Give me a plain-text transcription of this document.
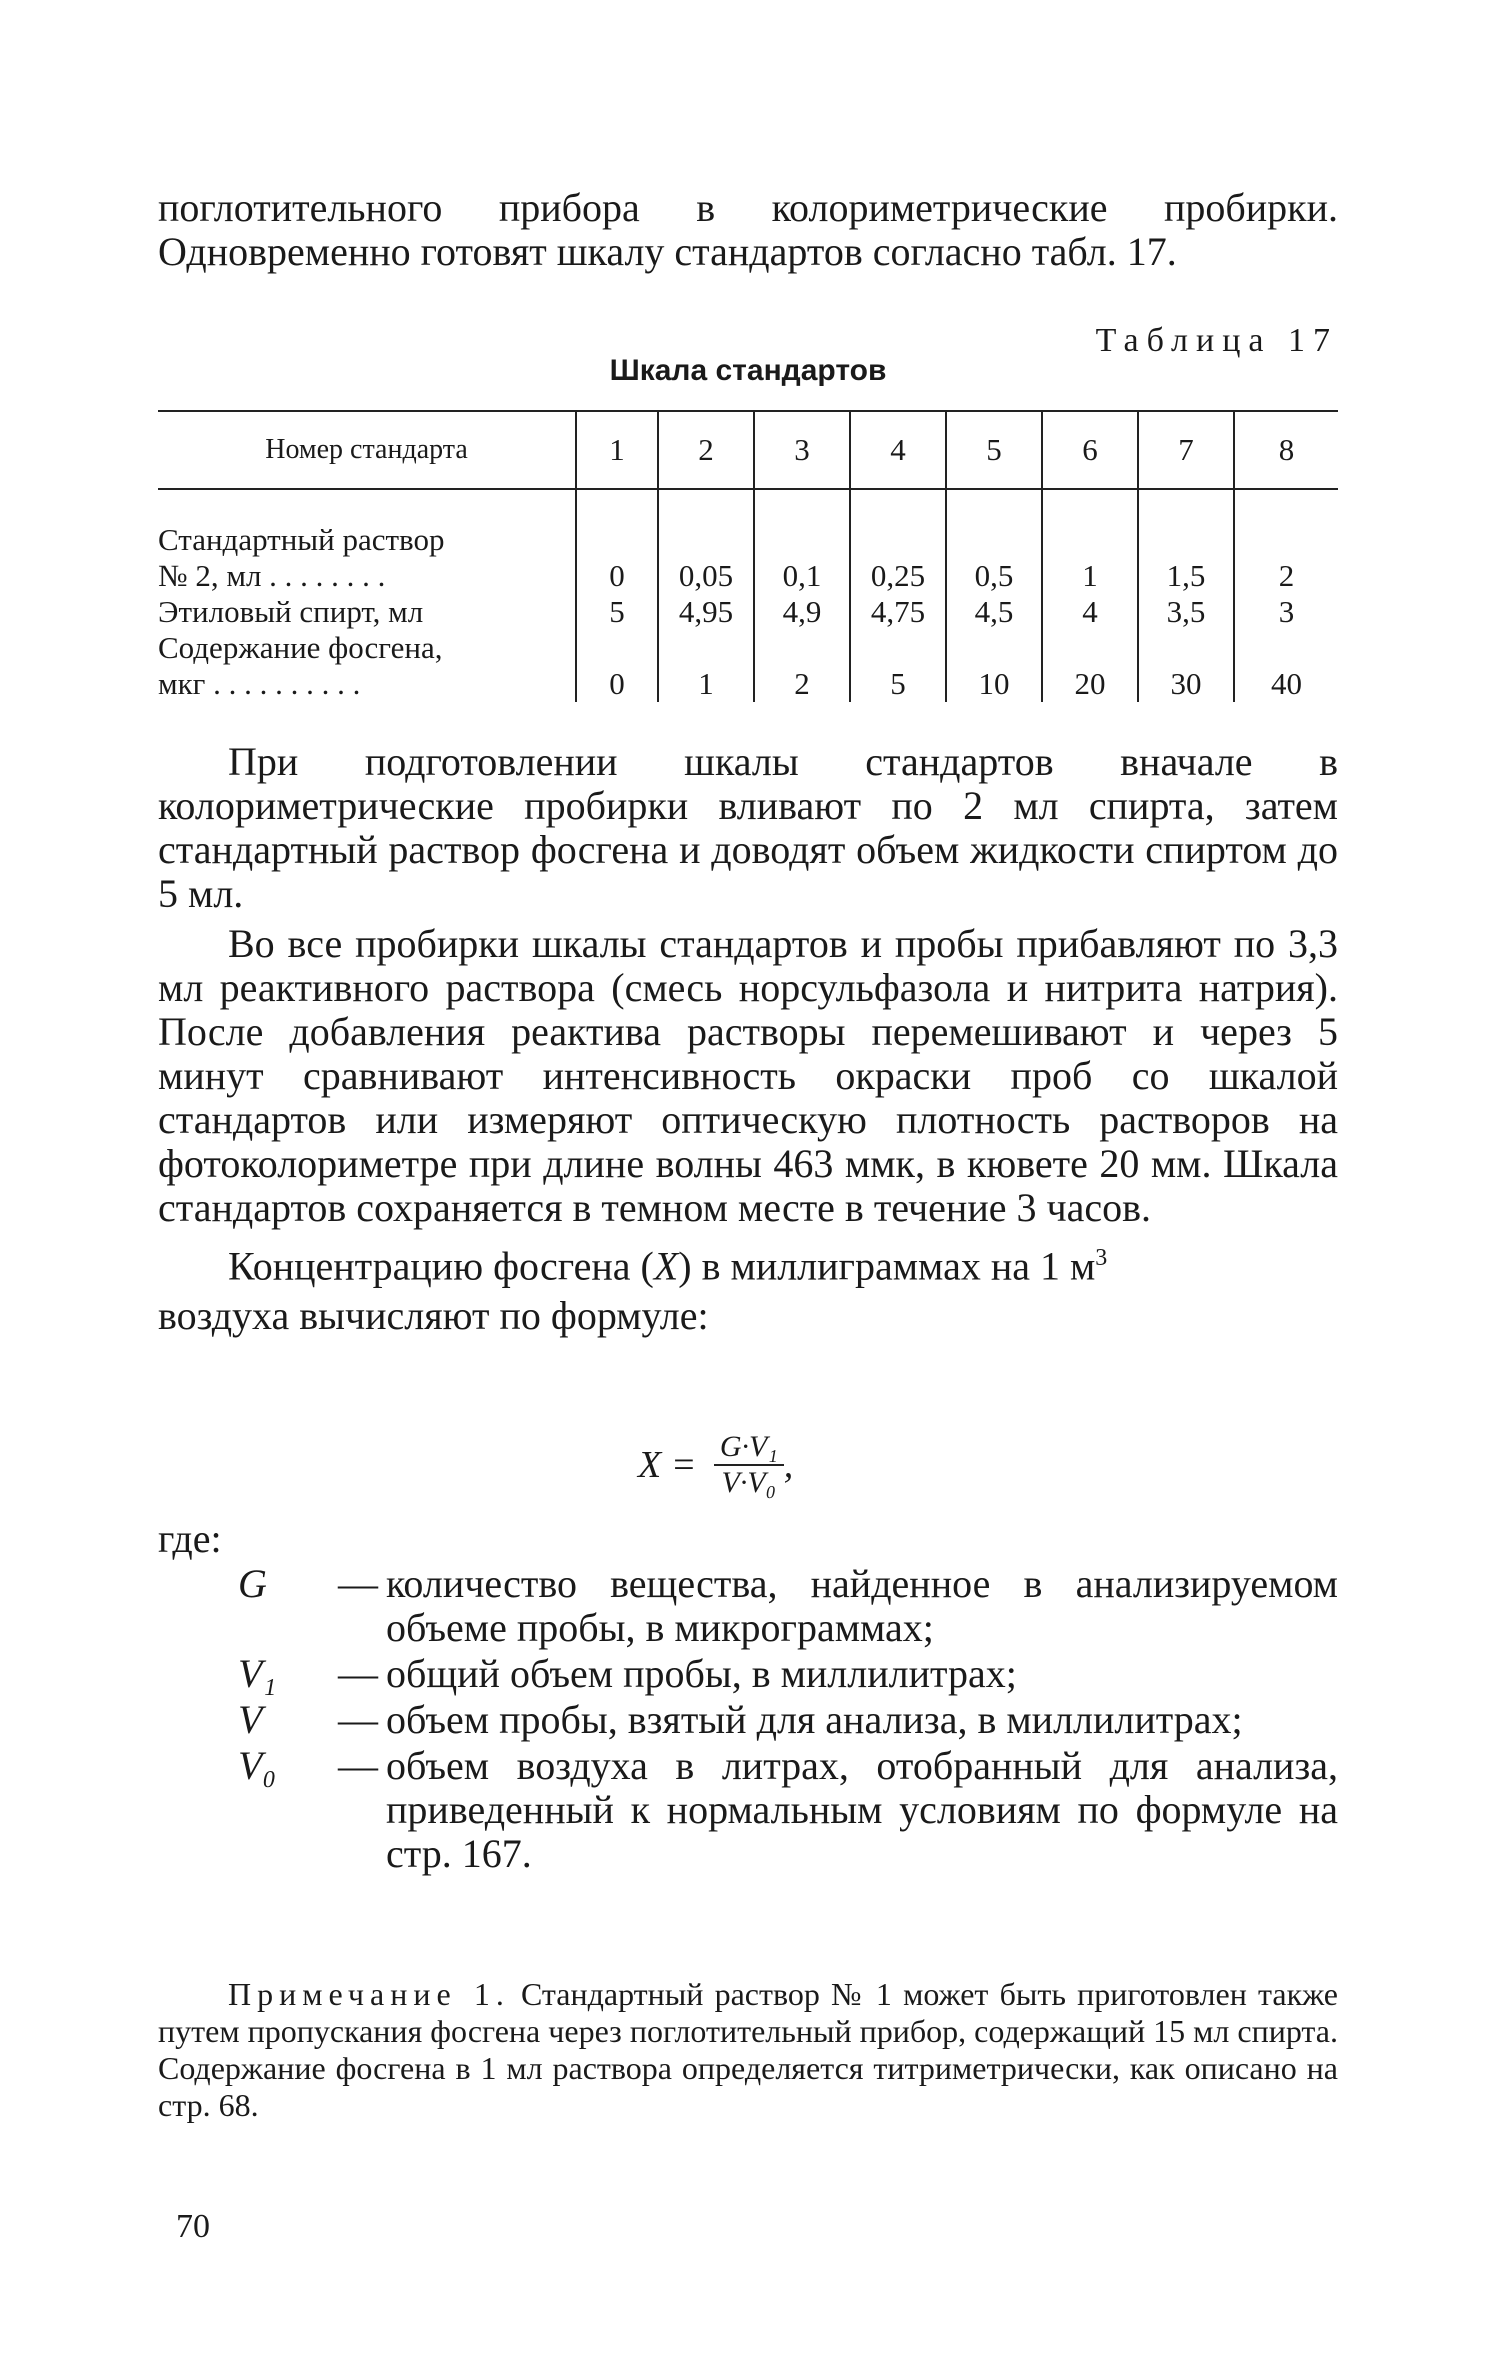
поглотительного прибора в колориметрические пробирки. Одновременно готовят шкалу стандартов согласно табл. 17.

Таблица 17
Шкала стандартов
Номер стандарта	1	2	3	4	5	6	7	8

Стандартный раствор
№ 2, мл . . . . . . . .	0	0,05	0,1	0,25	0,5	1	1,5	2
Этиловый спирт, мл	5	4,95	4,9	4,75	4,5	4	3,5	3
Содержание фосгена,
мкг . . . . . . . . . .	0	1	2	5	10	20	30	40

При подготовлении шкалы стандартов вначале в колориметрические пробирки вливают по 2 мл спирта, затем стандартный раствор фосгена и доводят объем жидкости спиртом до 5 мл.

Во все пробирки шкалы стандартов и пробы прибавляют по 3,3 мл реактивного раствора (смесь норсульфазола и нитрита натрия). После добавления реактива растворы перемешивают и через 5 минут сравнивают интенсивность окраски проб со шкалой стандартов или измеряют оптическую плотность растворов на фотоколориметре при длине волны 463 ммк, в кювете 20 мм. Шкала стандартов сохраняется в темном месте в течение 3 часов.

Концентрацию фосгена (X) в миллиграммах на 1 $м^3$

воздуха вычисляют по формуле:

$X = \frac{\text{G·V₁}}{\text{V·V₀}}$ ,
где:
G	— количество вещества, найденное в анализируемом объеме пробы, в микрограммах;
V₁	— общий объем пробы, в миллилитрах;
V	— объем пробы, взятый для анализа, в миллилитрах;
V₀	— объем воздуха в литрах, отобранный для анализа, приведенный к нормальным условиям по формуле на стр. 167.

Примечание 1. Стандартный раствор № 1 может быть приготовлен также путем пропускания фосгена через поглотительный прибор, содержащий 15 мл спирта. Содержание фосгена в 1 мл раствора определяется титриметрически, как описано на стр. 68.

70
